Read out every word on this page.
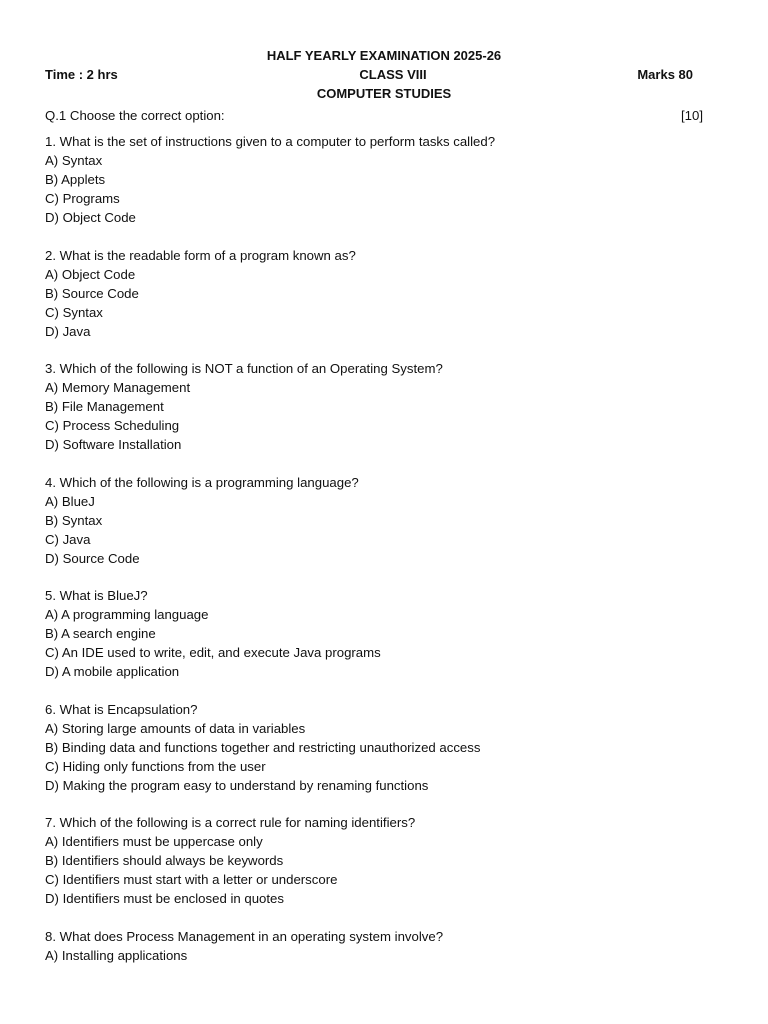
HALF YEARLY EXAMINATION 2025-26
Time : 2 hrs	CLASS VIII	Marks 80
COMPUTER STUDIES
Q.1 Choose the correct option:	[10]
1. What is the set of instructions given to a computer to perform tasks called?
A) Syntax
B) Applets
C) Programs
D) Object Code
2. What is the readable form of a program known as?
A) Object Code
B) Source Code
C) Syntax
D) Java
3. Which of the following is NOT a function of an Operating System?
A) Memory Management
B) File Management
C) Process Scheduling
D) Software Installation
4. Which of the following is a programming language?
A) BlueJ
B) Syntax
C) Java
D) Source Code
5. What is BlueJ?
A) A programming language
B) A search engine
C) An IDE used to write, edit, and execute Java programs
D) A mobile application
6. What is Encapsulation?
A) Storing large amounts of data in variables
B) Binding data and functions together and restricting unauthorized access
C) Hiding only functions from the user
D) Making the program easy to understand by renaming functions
7. Which of the following is a correct rule for naming identifiers?
A) Identifiers must be uppercase only
B) Identifiers should always be keywords
C) Identifiers must start with a letter or underscore
D) Identifiers must be enclosed in quotes
8. What does Process Management in an operating system involve?
A) Installing applications
